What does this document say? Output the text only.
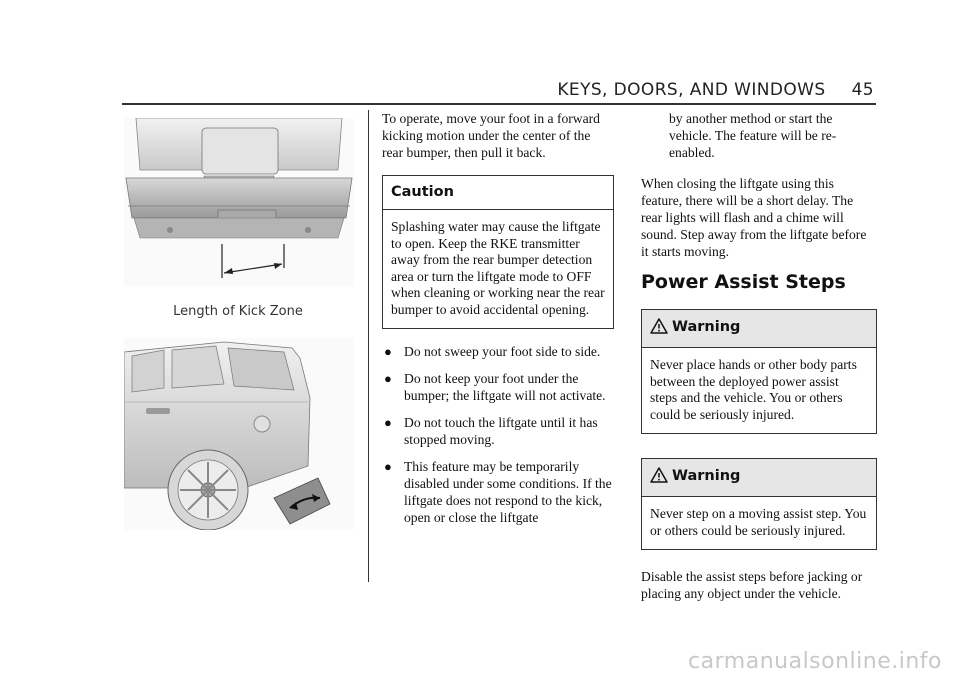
KEYS, DOORS, AND WINDOWS 45
Length of Kick Zone

To operate, move your foot in a forward kicking motion under the center of the rear bumper, then pull it back.

Caution
Splashing water may cause the liftgate to open. Keep the RKE transmitter away from the rear bumper detection area or turn the liftgate mode to OFF when cleaning or working near the rear bumper to avoid accidental opening.
● Do not sweep your foot side to side.
● Do not keep your foot under the bumper; the liftgate will not activate.
● Do not touch the liftgate until it has stopped moving.
● This feature may be temporarily disabled under some conditions. If the liftgate does not respond to the kick, open or close the liftgate

by another method or start the vehicle. The feature will be re-enabled.

When closing the liftgate using this feature, there will be a short delay. The rear lights will flash and a chime will sound. Step away from the liftgate before it starts moving.

Power Assist Steps
Warning
Never place hands or other body parts between the deployed power assist steps and the vehicle. You or others could be seriously injured.
Warning
Never step on a moving assist step. You or others could be seriously injured.

Disable the assist steps before jacking or placing any object under the vehicle.

carmanualsonline.info
